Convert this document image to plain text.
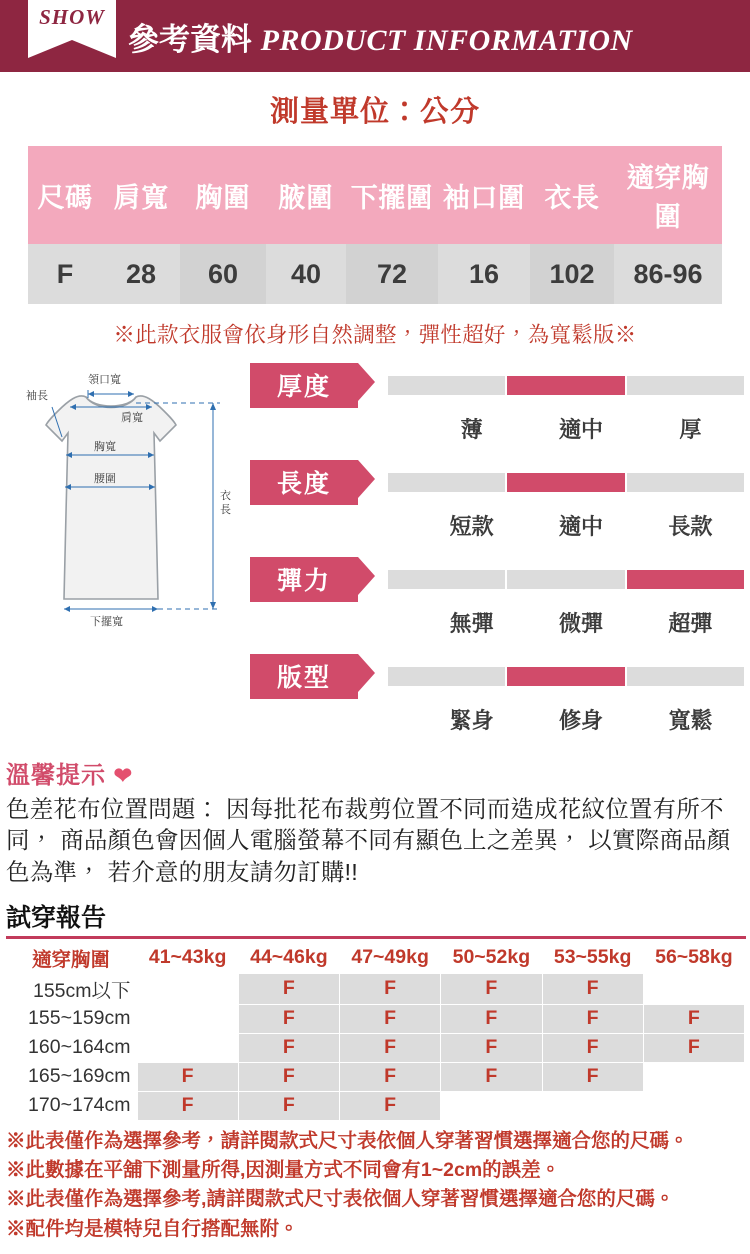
SHOW
參考資料 PRODUCT INFORMATION
測量單位：公分
尺碼	肩寬	胸圍	腋圍	下擺圍	袖口圍	衣長	適穿胸圍
F	28	60	40	72	16	102	86-96
※此款衣服會依身形自然調整，彈性超好，為寬鬆版※
袖長
領口寬
肩寬
胸寬
腰圍
衣
長
下擺寬
厚度
薄	適中	厚
長度
短款	適中	長款
彈力
無彈	微彈	超彈
版型
緊身	修身	寬鬆
溫馨提示 ❤
色差花布位置問題： 因每批花布裁剪位置不同而造成花紋位置有所不同， 商品顏色會因個人電腦螢幕不同有顯色上之差異， 以實際商品顏色為準， 若介意的朋友請勿訂購!!
試穿報告
適穿胸圍	41~43kg	44~46kg	47~49kg	50~52kg	53~55kg	56~58kg
155cm以下		F	F	F	F	
155~159cm		F	F	F	F	F
160~164cm		F	F	F	F	F
165~169cm	F	F	F	F	F	
170~174cm	F	F	F			
※此表僅作為選擇參考，請詳閱款式尺寸表依個人穿著習慣選擇適合您的尺碼。
※此數據在平舖下測量所得,因測量方式不同會有1~2cm的誤差。
※此表僅作為選擇參考,請詳閱款式尺寸表依個人穿著習慣選擇適合您的尺碼。
※配件均是模特兒自行搭配無附。
